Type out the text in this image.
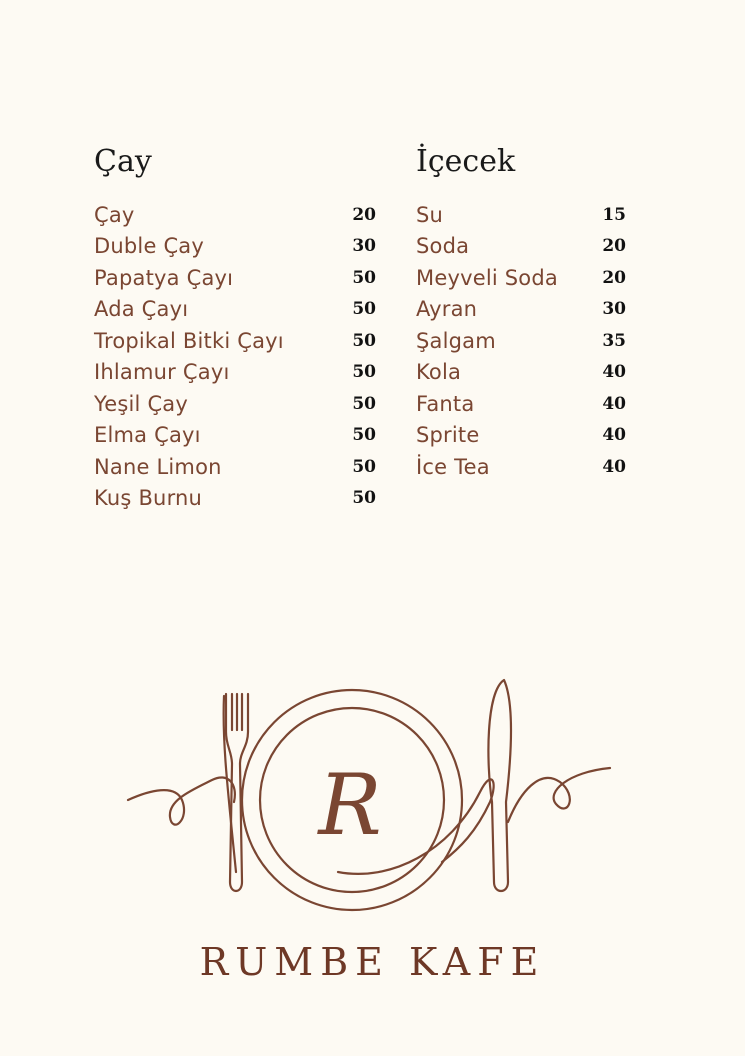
Çay
Çay	20
Duble Çay	30
Papatya Çayı	50
Ada Çayı	50
Tropikal Bitki Çayı	50
Ihlamur Çayı	50
Yeşil Çay	50
Elma Çayı	50
Nane Limon	50
Kuş Burnu	50
İçecek
Su	15
Soda	20
Meyveli Soda	20
Ayran	30
Şalgam	35
Kola	40
Fanta	40
Sprite	40
İce Tea	40
R
RUMBE KAFE
